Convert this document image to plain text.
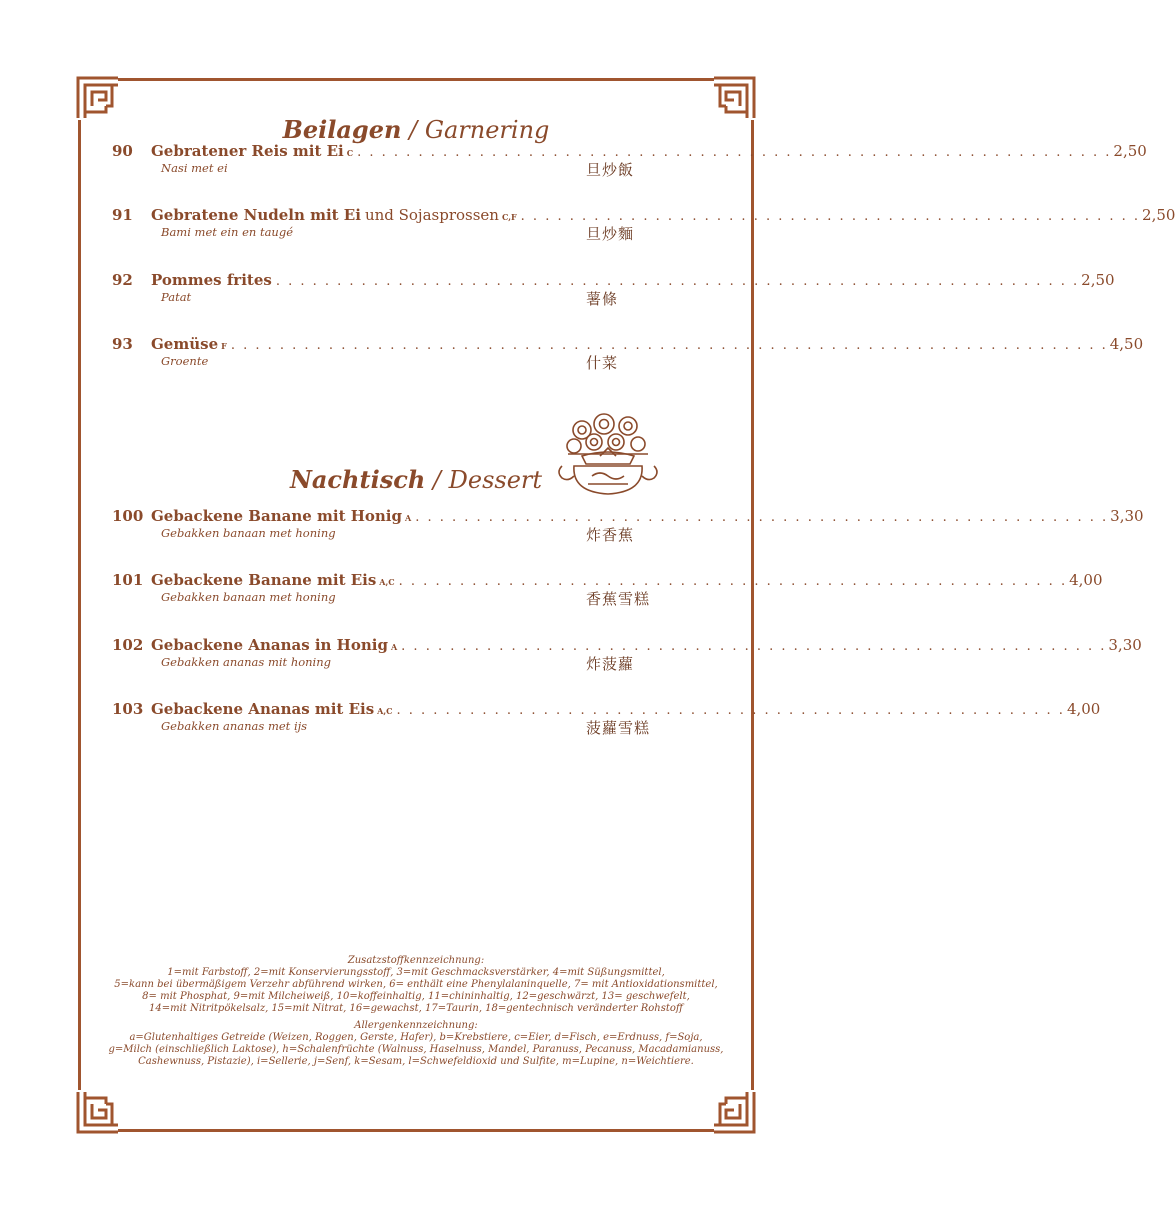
Beilagen / Garnering
90 Gebratener Reis mit Ei C . . . . . . . . . . . . . . . . . . . . . . . . . . . . . . . . . . . . . . . . . . . . . . . . . . . . . . . . . . . . . . 2,50
Nasi met ei	旦炒飯
91 Gebratene Nudeln mit Ei und Sojasprossen C,F . . . . . . . . . . . . . . . . . . . . . . . . . . . . . . . . . . . . . . . . . . . . . . . . . . . 2,50
Bami met ein en taugé	旦炒麵
92 Pommes frites . . . . . . . . . . . . . . . . . . . . . . . . . . . . . . . . . . . . . . . . . . . . . . . . . . . . . . . . . . . . . . . . . . 2,50
Patat	薯條
93 Gemüse F . . . . . . . . . . . . . . . . . . . . . . . . . . . . . . . . . . . . . . . . . . . . . . . . . . . . . . . . . . . . . . . . . . . . . . . . 4,50
Groente	什菜
Nachtisch / Dessert
100 Gebackene Banane mit Honig A . . . . . . . . . . . . . . . . . . . . . . . . . . . . . . . . . . . . . . . . . . . . . . . . . . . . . . . . . 3,30
Gebakken banaan met honing	炸香蕉
101 Gebackene Banane mit Eis A,C . . . . . . . . . . . . . . . . . . . . . . . . . . . . . . . . . . . . . . . . . . . . . . . . . . . . . . . 4,00
Gebakken banaan met honing	香蕉雪糕
102 Gebackene Ananas in Honig A . . . . . . . . . . . . . . . . . . . . . . . . . . . . . . . . . . . . . . . . . . . . . . . . . . . . . . . . . . 3,30
Gebakken ananas mit honing	炸菠蘿
103 Gebackene Ananas mit Eis A,C . . . . . . . . . . . . . . . . . . . . . . . . . . . . . . . . . . . . . . . . . . . . . . . . . . . . . . . 4,00
Gebakken ananas met ijs	菠蘿雪糕
Zusatzstoffkennzeichnung:
1=mit Farbstoff, 2=mit Konservierungsstoff, 3=mit Geschmacksverstärker, 4=mit Süßungsmittel,
5=kann bei übermäßigem Verzehr abführend wirken, 6= enthält eine Phenylalaninquelle, 7= mit Antioxidationsmittel,
8= mit Phosphat, 9=mit Milcheiweiß, 10=koffeinhaltig, 11=chininhaltig, 12=geschwärzt, 13= geschwefelt,
14=mit Nitritpökelsalz, 15=mit Nitrat, 16=gewachst, 17=Taurin, 18=gentechnisch veränderter Rohstoff
Allergenkennzeichnung:
a=Glutenhaltiges Getreide (Weizen, Roggen, Gerste, Hafer), b=Krebstiere, c=Eier, d=Fisch, e=Erdnuss, f=Soja,
g=Milch (einschließlich Laktose), h=Schalenfrüchte (Walnuss, Haselnuss, Mandel, Paranuss, Pecanuss, Macadamianuss,
Cashewnuss, Pistazie), i=Sellerie, j=Senf, k=Sesam, l=Schwefeldioxid und Sulfite, m=Lupine, n=Weichtiere.
